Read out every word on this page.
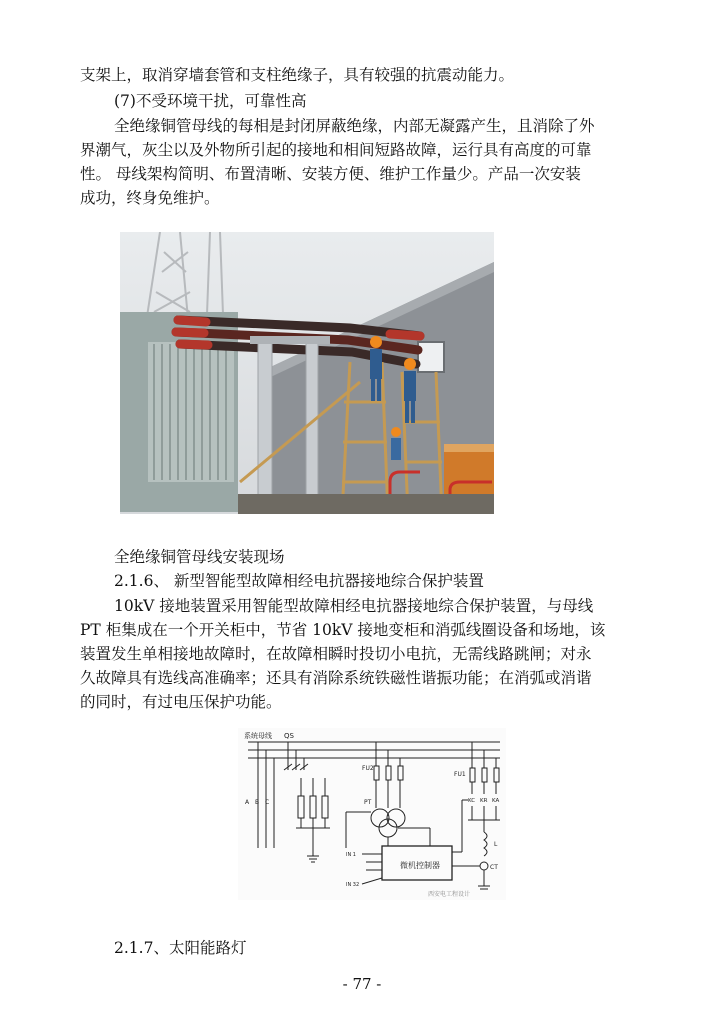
支架上，取消穿墙套管和支柱绝缘子，具有较强的抗震动能力。
(7)不受环境干扰，可靠性高
全绝缘铜管母线的每相是封闭屏蔽绝缘，内部无凝露产生，且消除了外
界潮气，灰尘以及外物所引起的接地和相间短路故障，运行具有高度的可靠
性。 母线架构简明、布置清晰、安装方便、维护工作量少。产品一次安装
成功，终身免维护。
全绝缘铜管母线安装现场
2.1.6、 新型智能型故障相经电抗器接地综合保护装置
10kV 接地装置采用智能型故障相经电抗器接地综合保护装置，与母线
PT 柜集成在一个开关柜中，节省 10kV 接地变柜和消弧线圈设备和场地，该
装置发生单相接地故障时，在故障相瞬时投切小电抗，无需线路跳闸；对永
久故障具有选线高准确率；还具有消除系统铁磁性谐振功能；在消弧或消谐
的同时，有过电压保护功能。
系统母线 QS
A B C
FU2
PT
微机控制器
IN 1
IN 32
FU1
KC KR KA
L
CT
西安电工程设计
2.1.7、太阳能路灯
- 77 -
